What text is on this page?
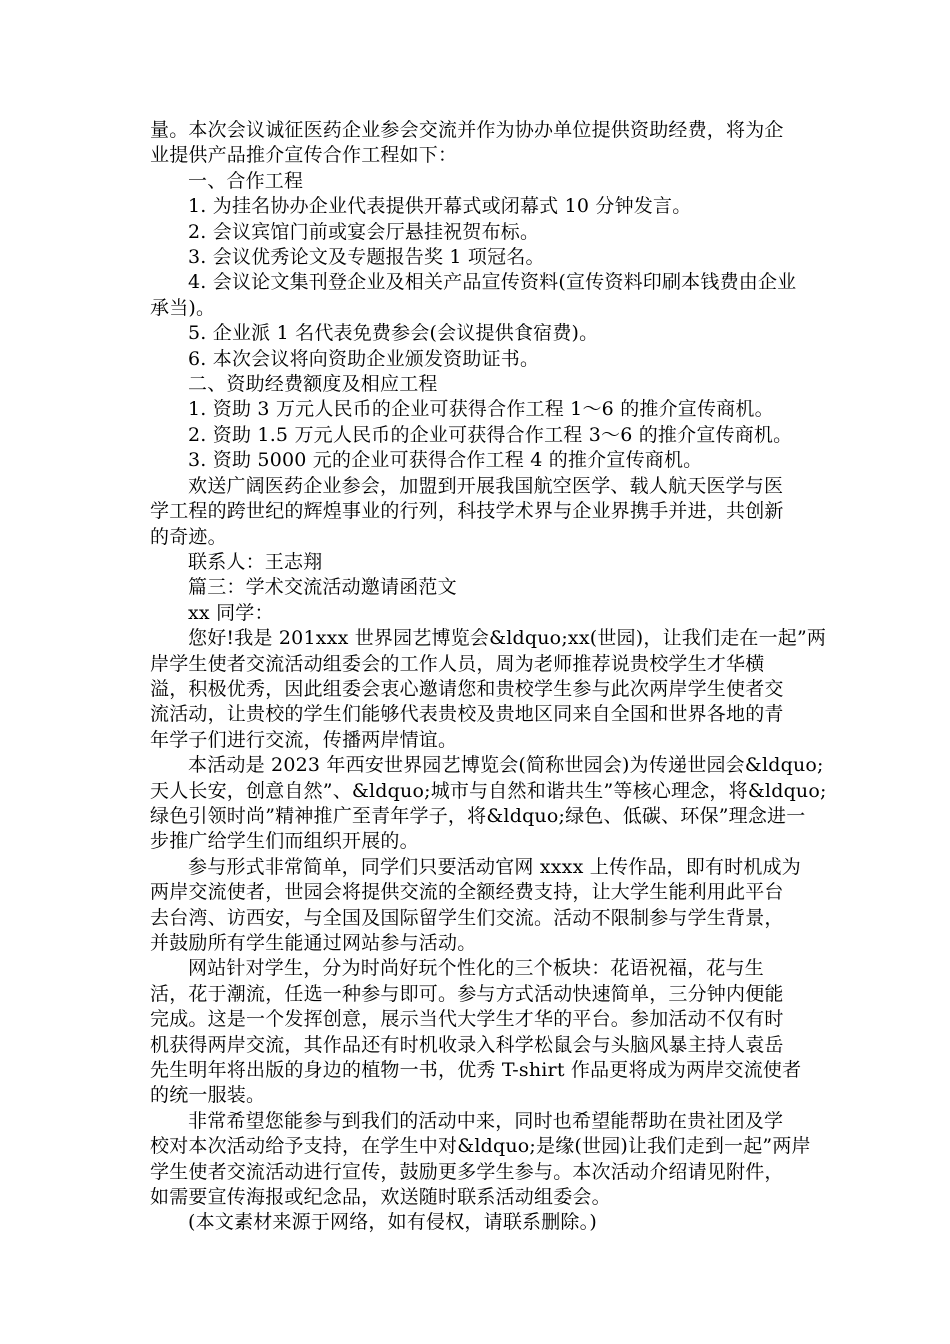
量。本次会议诚征医药企业参会交流并作为协办单位提供资助经费，将为企
业提供产品推介宣传合作工程如下：
一、合作工程
1. 为挂名协办企业代表提供开幕式或闭幕式 10 分钟发言。
2. 会议宾馆门前或宴会厅悬挂祝贺布标。
3. 会议优秀论文及专题报告奖 1 项冠名。
4. 会议论文集刊登企业及相关产品宣传资料(宣传资料印刷本钱费由企业
承当)。
5. 企业派 1 名代表免费参会(会议提供食宿费)。
6. 本次会议将向资助企业颁发资助证书。
二、资助经费额度及相应工程
1. 资助 3 万元人民币的企业可获得合作工程 1～6 的推介宣传商机。
2. 资助 1.5 万元人民币的企业可获得合作工程 3～6 的推介宣传商机。
3. 资助 5000 元的企业可获得合作工程 4 的推介宣传商机。
欢送广阔医药企业参会，加盟到开展我国航空医学、载人航天医学与医
学工程的跨世纪的辉煌事业的行列，科技学术界与企业界携手并进，共创新
的奇迹。
联系人：王志翔
篇三：学术交流活动邀请函范文
xx 同学：
您好!我是 201xxx 世界园艺博览会&ldquo;xx(世园)，让我们走在一起”两
岸学生使者交流活动组委会的工作人员，周为老师推荐说贵校学生才华横
溢，积极优秀，因此组委会衷心邀请您和贵校学生参与此次两岸学生使者交
流活动，让贵校的学生们能够代表贵校及贵地区同来自全国和世界各地的青
年学子们进行交流，传播两岸情谊。
本活动是 2023 年西安世界园艺博览会(简称世园会)为传递世园会&ldquo;
天人长安，创意自然”、&ldquo;城市与自然和谐共生”等核心理念，将&ldquo;
绿色引领时尚”精神推广至青年学子，将&ldquo;绿色、低碳、环保”理念进一
步推广给学生们而组织开展的。
参与形式非常简单，同学们只要活动官网 xxxx 上传作品，即有时机成为
两岸交流使者，世园会将提供交流的全额经费支持，让大学生能利用此平台
去台湾、访西安，与全国及国际留学生们交流。活动不限制参与学生背景，
并鼓励所有学生能通过网站参与活动。
网站针对学生，分为时尚好玩个性化的三个板块：花语祝福，花与生
活，花于潮流，任选一种参与即可。参与方式活动快速简单，三分钟内便能
完成。这是一个发挥创意，展示当代大学生才华的平台。参加活动不仅有时
机获得两岸交流，其作品还有时机收录入科学松鼠会与头脑风暴主持人袁岳
先生明年将出版的身边的植物一书，优秀 T-shirt 作品更将成为两岸交流使者
的统一服装。
非常希望您能参与到我们的活动中来，同时也希望能帮助在贵社团及学
校对本次活动给予支持，在学生中对&ldquo;是缘(世园)让我们走到一起”两岸
学生使者交流活动进行宣传，鼓励更多学生参与。本次活动介绍请见附件，
如需要宣传海报或纪念品，欢送随时联系活动组委会。
(本文素材来源于网络，如有侵权，请联系删除。)
